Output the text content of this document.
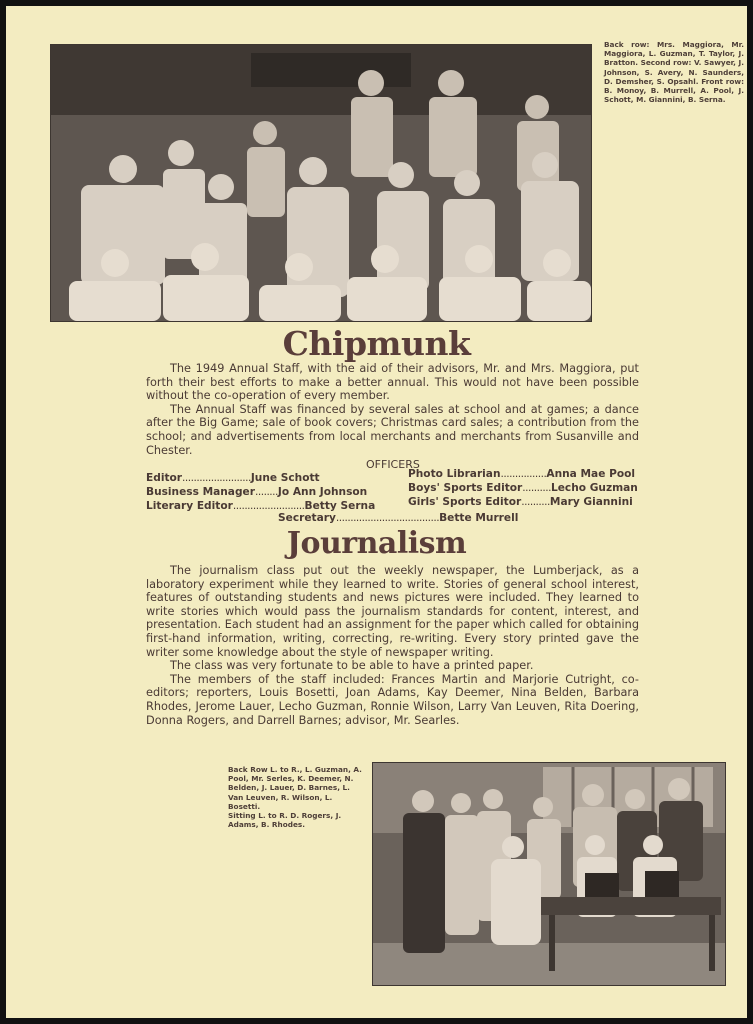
Back row: Mrs. Maggiora, Mr. Maggiora, L. Guzman, T. Taylor, J. Bratton. Second row: V. Sawyer, J. Johnson, S. Avery, N. Saunders, D. Demsher, S. Opsahl. Front row: B. Monoy, B. Murrell, A. Pool, J. Schott, M. Giannini, B. Serna.

Chipmunk

The 1949 Annual Staff, with the aid of their advisors, Mr. and Mrs. Maggiora, put forth their best efforts to make a better annual. This would not have been possible without the co-operation of every member.

The Annual Staff was financed by several sales at school and at games; a dance after the Big Game; sale of book covers; Christmas card sales; a contribution from the school; and advertisements from local merchants and merchants from Susanville and Chester.

OFFICERS
Editor........................June Schott
Business Manager........Jo Ann Johnson
Literary Editor.........................Betty Serna
Photo Librarian................Anna Mae Pool
Boys' Sports Editor..........Lecho Guzman
Girls' Sports Editor..........Mary Giannini
Secretary....................................Bette Murrell
Journalism

The journalism class put out the weekly newspaper, the Lumberjack, as a laboratory experiment while they learned to write. Stories of general school interest, features of outstanding students and news pictures were included. They learned to write stories which would pass the journalism standards for content, interest, and presentation. Each student had an assignment for the paper which called for obtaining first-hand information, writing, correcting, re-writing. Every story printed gave the writer some knowledge about the style of newspaper writing.

The class was very fortunate to be able to have a printed paper.

The members of the staff included: Frances Martin and Marjorie Cutright, co-editors; reporters, Louis Bosetti, Joan Adams, Kay Deemer, Nina Belden, Barbara Rhodes, Jerome Lauer, Lecho Guzman, Ronnie Wilson, Larry Van Leuven, Rita Doering, Donna Rogers, and Darrell Barnes; advisor, Mr. Searles.

Back Row L. to R., L. Guzman, A. Pool, Mr. Serles, K. Deemer, N. Belden, J. Lauer, D. Barnes, L. Van Leuven, R. Wilson, L. Bosetti.

Sitting L. to R. D. Rogers, J. Adams, B. Rhodes.
